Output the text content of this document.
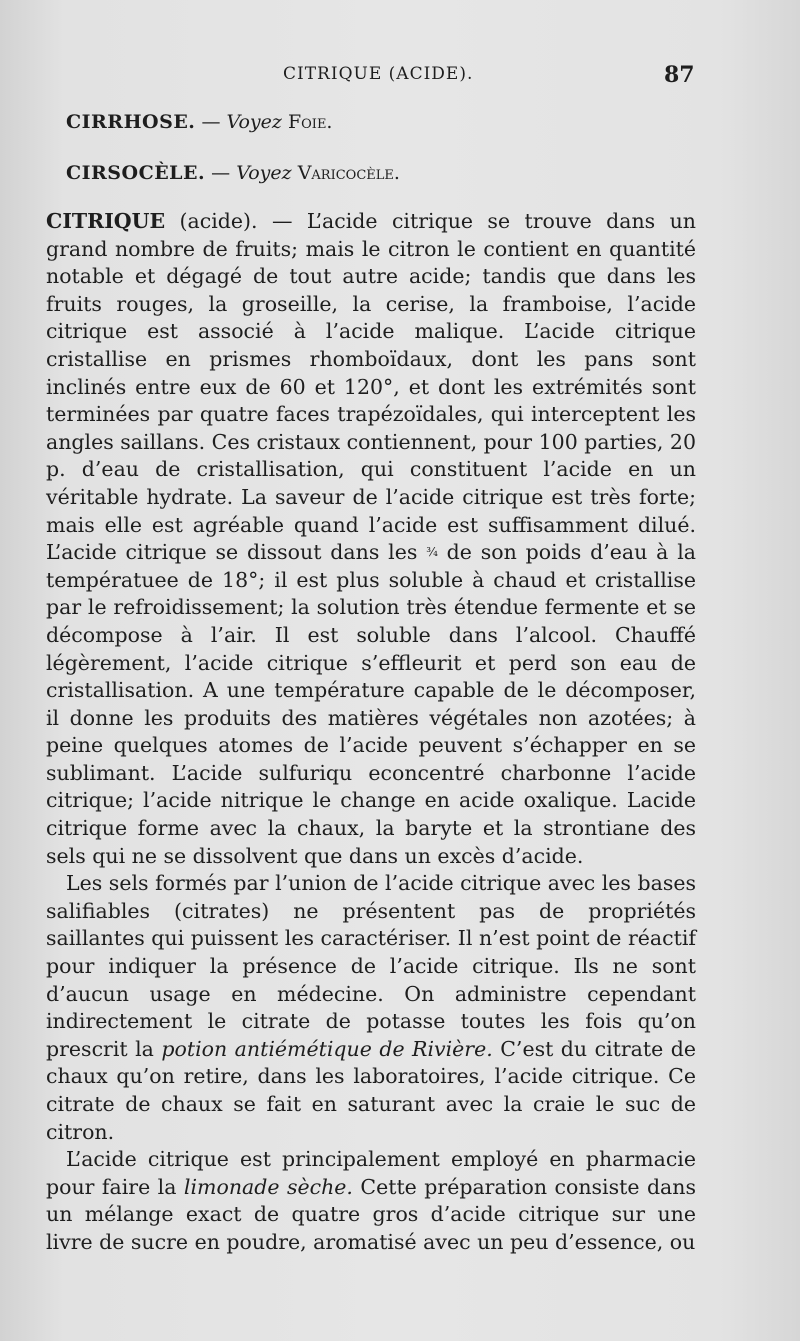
CITRIQUE (ACIDE).	87
CIRRHOSE. — Voyez Foie.
CIRSOCÈLE. — Voyez Varicocèle.

CITRIQUE (acide). — L’acide citrique se trouve dans un grand nombre de fruits; mais le citron le contient en quantité notable et dégagé de tout autre acide; tandis que dans les fruits rouges, la groseille, la cerise, la framboise, l’acide citrique est associé à l’acide malique. L’acide citrique cristallise en prismes rhomboïdaux, dont les pans sont inclinés entre eux de 60 et 120°, et dont les extrémités sont terminées par quatre faces trapézoïdales, qui interceptent les angles saillans. Ces cristaux contiennent, pour 100 parties, 20 p. d’eau de cristallisation, qui constituent l’acide en un véritable hydrate. La saveur de l’acide citrique est très forte; mais elle est agréable quand l’acide est suffisamment dilué. L’acide citrique se dissout dans les ¾ de son poids d’eau à la températuee de 18°; il est plus soluble à chaud et cristallise par le refroidissement; la solution très étendue fermente et se décompose à l’air. Il est soluble dans l’alcool. Chauffé légèrement, l’acide citrique s’effleurit et perd son eau de cristallisation. A une température capable de le décomposer, il donne les produits des matières végétales non azotées; à peine quelques atomes de l’acide peuvent s’échapper en se sublimant. L’acide sulfuriqu econcentré charbonne l’acide citrique; l’acide nitrique le change en acide oxalique. Lacide citrique forme avec la chaux, la baryte et la strontiane des sels qui ne se dissolvent que dans un excès d’acide.

Les sels formés par l’union de l’acide citrique avec les bases salifiables (citrates) ne présentent pas de propriétés saillantes qui puissent les caractériser. Il n’est point de réactif pour indiquer la présence de l’acide citrique. Ils ne sont d’aucun usage en médecine. On administre cependant indirectement le citrate de potasse toutes les fois qu’on prescrit la potion antiémétique de Rivière. C’est du citrate de chaux qu’on retire, dans les laboratoires, l’acide citrique. Ce citrate de chaux se fait en saturant avec la craie le suc de citron.

L’acide citrique est principalement employé en pharmacie pour faire la limonade sèche. Cette préparation consiste dans un mélange exact de quatre gros d’acide citrique sur une livre de sucre en poudre, aromatisé avec un peu d’essence, ou
